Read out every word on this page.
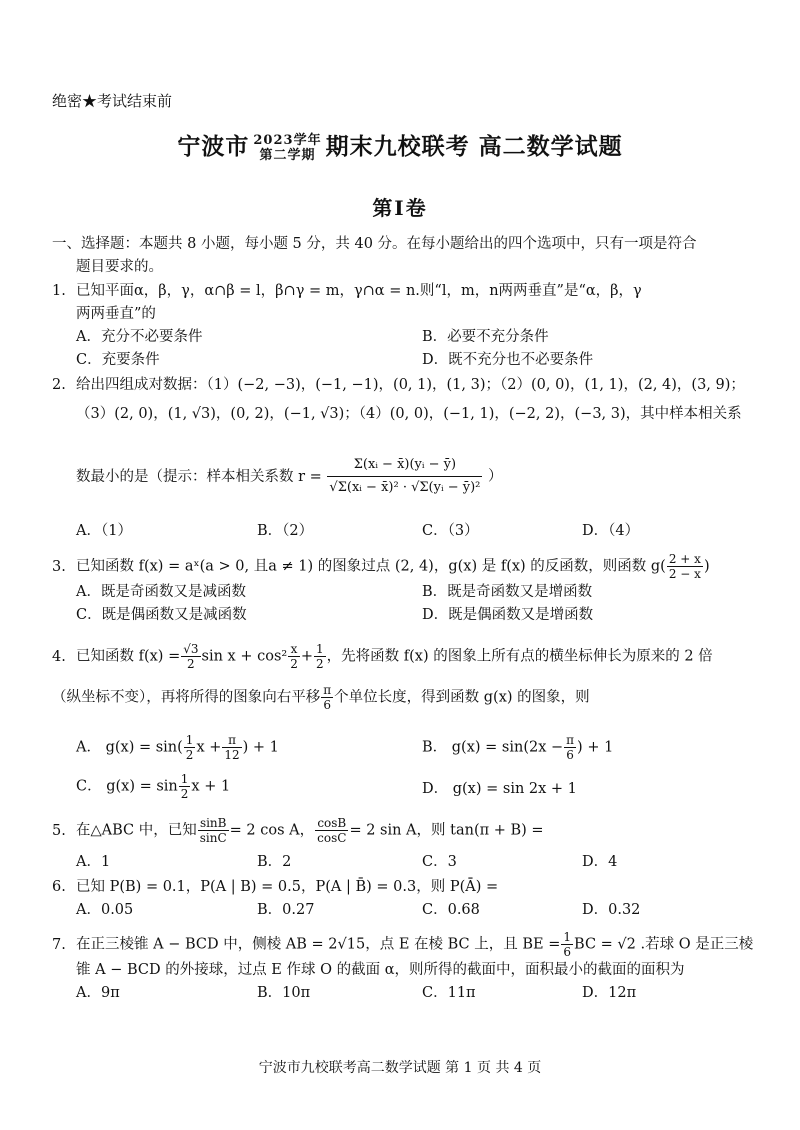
绝密★考试结束前
宁波市 2023学年
第二学期 期末九校联考 高二数学试题
第Ⅰ卷
一、选择题：本题共 8 小题，每小题 5 分，共 40 分。在每小题给出的四个选项中，只有一项是符合
题目要求的。
1. 已知平面α，β，γ，α∩β = l，β∩γ = m，γ∩α = n.则“l，m，n两两垂直”是“α，β，γ
两两垂直”的
A．充分不必要条件	B．必要不充分条件
C．充要条件	D．既不充分也不必要条件
2. 给出四组成对数据：（1）(−2, −3)，(−1, −1)，(0, 1)，(1, 3)；（2）(0, 0)，(1, 1)，(2, 4)，(3, 9)；
（3）(2, 0)，(1, √3)，(0, 2)，(−1, √3)；（4）(0, 0)，(−1, 1)，(−2, 2)，(−3, 3)，其中样本相关系
数最小的是（提示：样本相关系数 $r = \frac{\text{Σ(xᵢ − x̄)(yᵢ − ȳ)}}{\text{√Σ(xᵢ − x̄)² · √Σ(yᵢ − ȳ)²}}$ ）
A．（1）	B．（2）	C．（3）	D．（4）
3. 已知函数 f(x) = aˣ(a > 0, 且a ≠ 1) 的图象过点 (2, 4)，g(x) 是 f(x) 的反函数，则函数 $g( \frac{2 + x}{2 - x}$ )
A．既是奇函数又是减函数	B．既是奇函数又是增函数
C．既是偶函数又是减函数	D．既是偶函数又是增函数
4. 已知函数 $f(x) = \frac{√3}{2}$ $\sin x + \cos^2 \frac{x}{2} + \frac{1}{2}$ ，先将函数 f(x) 的图象上所有点的横坐标伸长为原来的 2 倍
（纵坐标不变），再将所得的图象向右平移 $\frac{\pi}{6}$ 个单位长度，得到函数 g(x) 的图象，则
A． $g(x) = \sin( \frac{1}{2}$ $x + \frac{\pi}{12}$ ) + 1	B． $g(x) = \sin(2x - \frac{\pi}{6}$ ) + 1
C． $g(x) = \sin \frac{1}{2}$ x + 1	D． g(x) = sin 2x + 1
5. 在△ABC 中，已知 $\frac{\sin B}{\sin C} = 2$ cos A， $\frac{\cos B}{\cos C} = 2$ sin A，则 tan(π + B) =
A．1	B．2	C．3	D．4
6. 已知 P(B) = 0.1，P(A | B) = 0.5，P(A | B̄) = 0.3，则 P(Ā) =
A．0.05	B．0.27	C．0.68	D．0.32
7. 在正三棱锥 A − BCD 中，侧棱 AB = 2√15，点 E 在棱 BC 上，且 BE = $\frac{1}{6}$ BC = √2 .若球 O 是正三棱
锥 A − BCD 的外接球，过点 E 作球 O 的截面 α，则所得的截面中，面积最小的截面的面积为
A．9π	B．10π	C．11π	D．12π
宁波市九校联考高二数学试题 第 1 页 共 4 页
